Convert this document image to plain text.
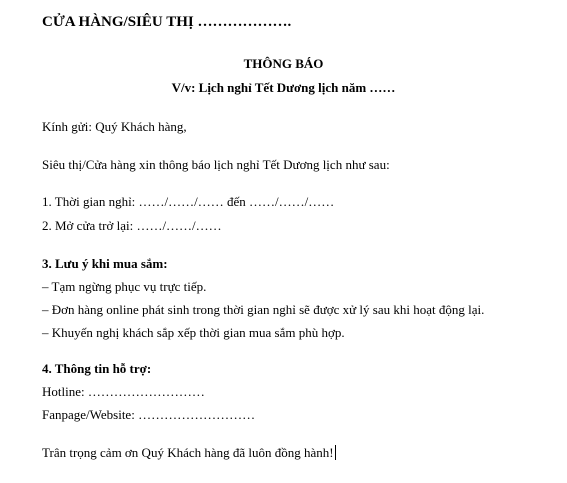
CỬA HÀNG/SIÊU THỊ ……………….
THÔNG BÁO
V/v: Lịch nghỉ Tết Dương lịch năm ……
Kính gửi: Quý Khách hàng,
Siêu thị/Cửa hàng xin thông báo lịch nghỉ Tết Dương lịch như sau:
1. Thời gian nghỉ: ……/……/…… đến ……/……/……
2. Mở cửa trở lại: ……/……/……
3. Lưu ý khi mua sắm:
– Tạm ngừng phục vụ trực tiếp.
– Đơn hàng online phát sinh trong thời gian nghỉ sẽ được xử lý sau khi hoạt động lại.
– Khuyến nghị khách sắp xếp thời gian mua sắm phù hợp.
4. Thông tin hỗ trợ:
Hotline: ………………………
Fanpage/Website: ………………………
Trân trọng cảm ơn Quý Khách hàng đã luôn đồng hành!
